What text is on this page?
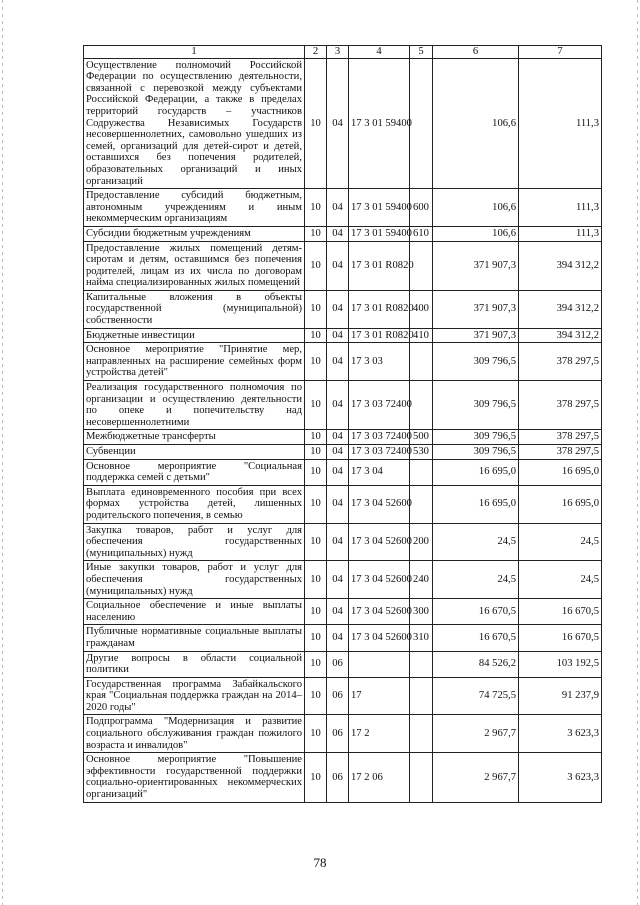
1	2	3	4	5	6	7
Осуществление полномочий Российской Федерации по осуществлению деятельности, связанной с перевозкой между субъектами Российской Федерации, а также в пределах территорий государств – участников Содружества Независимых Государств несовершеннолетних, самовольно ушедших из семей, организаций для детей-сирот и детей, оставшихся без попечения родителей, образовательных организаций и иных организаций	10	04	17 3 01 59400		106,6	111,3
Предоставление субсидий бюджетным, автономным учреждениям и иным некоммерческим организациям	10	04	17 3 01 59400	600	106,6	111,3
Субсидии бюджетным учреждениям	10	04	17 3 01 59400	610	106,6	111,3
Предоставление жилых помещений детям-сиротам и детям, оставшимся без попечения родителей, лицам из их числа по договорам найма специализированных жилых помещений	10	04	17 3 01 R0820		371 907,3	394 312,2
Капитальные вложения в объекты государственной (муниципальной) собственности	10	04	17 3 01 R0820	400	371 907,3	394 312,2
Бюджетные инвестиции	10	04	17 3 01 R0820	410	371 907,3	394 312,2
Основное мероприятие "Принятие мер, направленных на расширение семейных форм устройства детей"	10	04	17 3 03		309 796,5	378 297,5
Реализация государственного полномочия по организации и осуществлению деятельности по опеке и попечительству над несовершеннолетними	10	04	17 3 03 72400		309 796,5	378 297,5
Межбюджетные трансферты	10	04	17 3 03 72400	500	309 796,5	378 297,5
Субвенции	10	04	17 3 03 72400	530	309 796,5	378 297,5
Основное мероприятие "Социальная поддержка семей с детьми"	10	04	17 3 04		16 695,0	16 695,0
Выплата единовременного пособия при всех формах устройства детей, лишенных родительского попечения, в семью	10	04	17 3 04 52600		16 695,0	16 695,0
Закупка товаров, работ и услуг для обеспечения государственных (муниципальных) нужд	10	04	17 3 04 52600	200	24,5	24,5
Иные закупки товаров, работ и услуг для обеспечения государственных (муниципальных) нужд	10	04	17 3 04 52600	240	24,5	24,5
Социальное обеспечение и иные выплаты населению	10	04	17 3 04 52600	300	16 670,5	16 670,5
Публичные нормативные социальные выплаты гражданам	10	04	17 3 04 52600	310	16 670,5	16 670,5
Другие вопросы в области социальной политики	10	06			84 526,2	103 192,5
Государственная программа Забайкальского края "Социальная поддержка граждан на 2014–2020 годы"	10	06	17		74 725,5	91 237,9
Подпрограмма "Модернизация и развитие социального обслуживания граждан пожилого возраста и инвалидов"	10	06	17 2		2 967,7	3 623,3
Основное мероприятие "Повышение эффективности государственной поддержки социально-ориентированных некоммерческих организаций"	10	06	17 2 06		2 967,7	3 623,3
78
